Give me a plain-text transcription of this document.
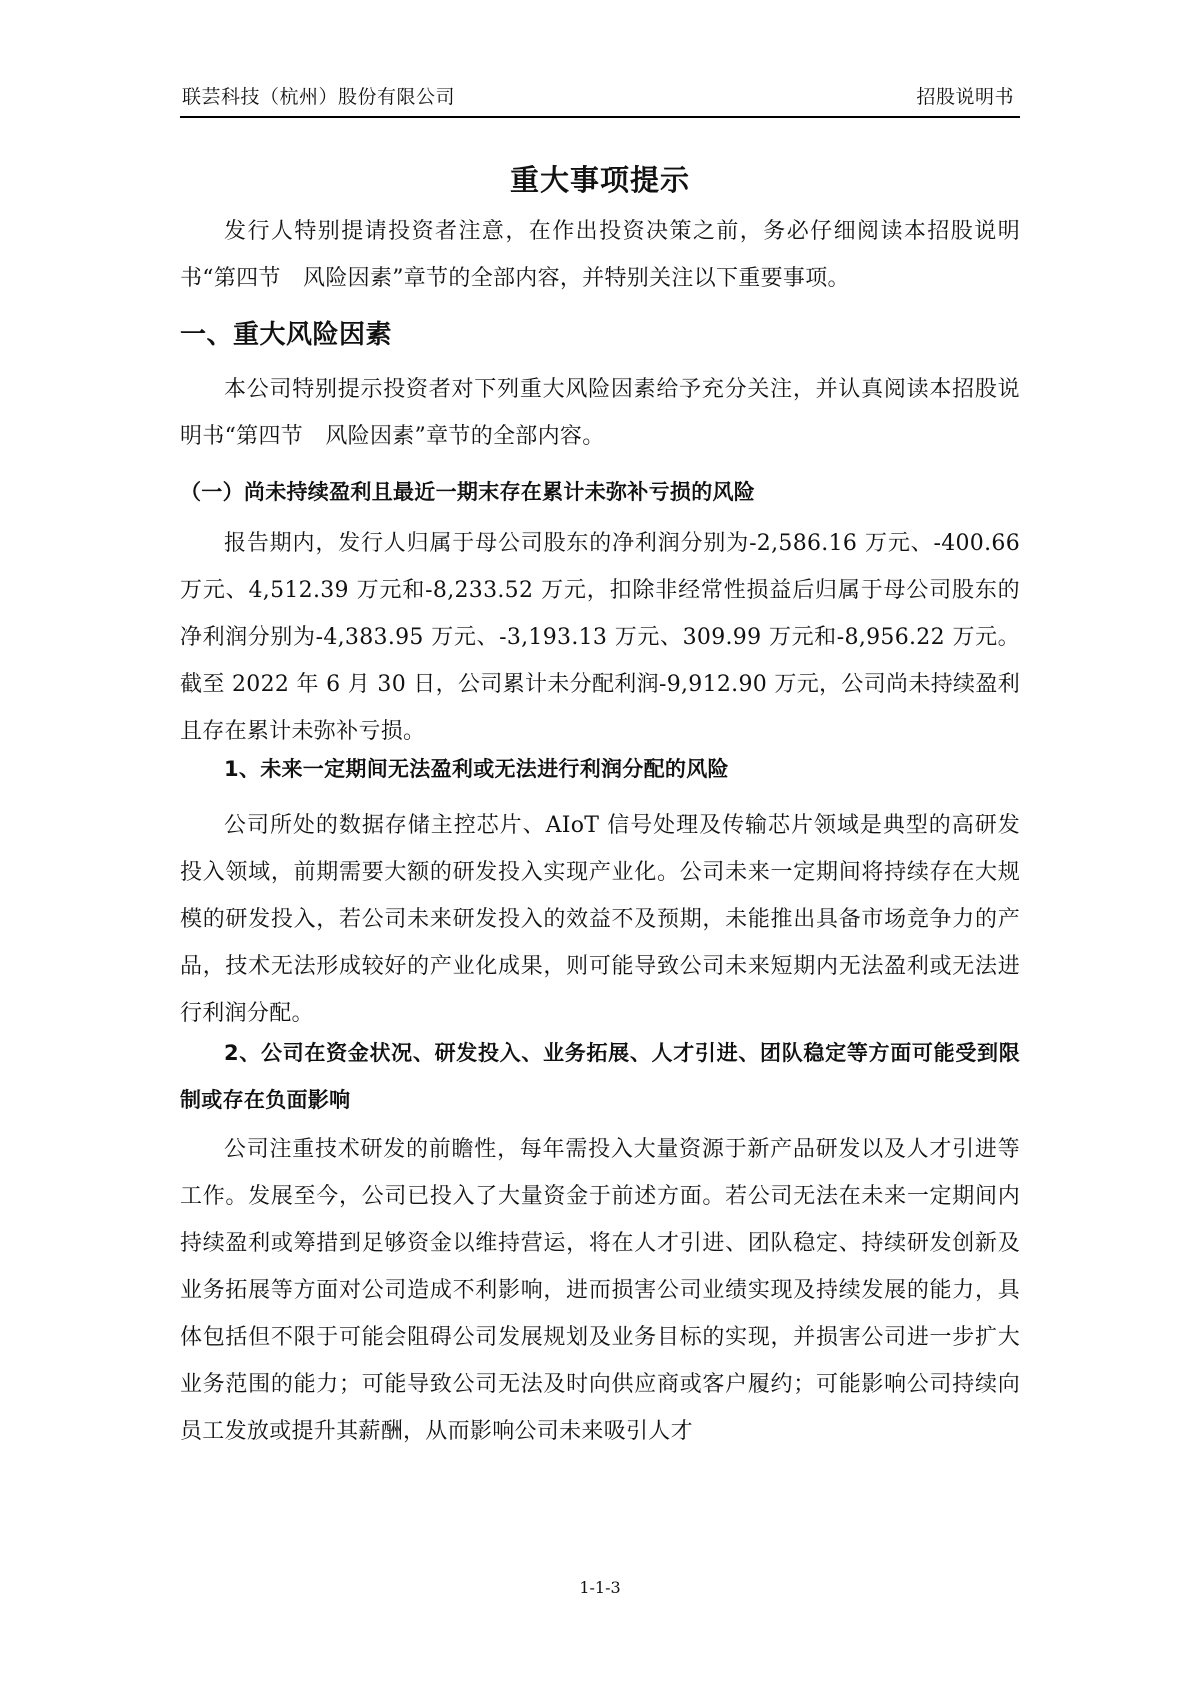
联芸科技（杭州）股份有限公司	招股说明书
重大事项提示

发行人特别提请投资者注意，在作出投资决策之前，务必仔细阅读本招股说明书“第四节　风险因素”章节的全部内容，并特别关注以下重要事项。

一、重大风险因素

本公司特别提示投资者对下列重大风险因素给予充分关注，并认真阅读本招股说明书“第四节　风险因素”章节的全部内容。

（一）尚未持续盈利且最近一期末存在累计未弥补亏损的风险

报告期内，发行人归属于母公司股东的净利润分别为-2,586.16 万元、-400.66 万元、4,512.39 万元和-8,233.52 万元，扣除非经常性损益后归属于母公司股东的净利润分别为-4,383.95 万元、-3,193.13 万元、309.99 万元和-8,956.22 万元。截至 2022 年 6 月 30 日，公司累计未分配利润-9,912.90 万元，公司尚未持续盈利且存在累计未弥补亏损。

1、未来一定期间无法盈利或无法进行利润分配的风险

公司所处的数据存储主控芯片、AIoT 信号处理及传输芯片领域是典型的高研发投入领域，前期需要大额的研发投入实现产业化。公司未来一定期间将持续存在大规模的研发投入，若公司未来研发投入的效益不及预期，未能推出具备市场竞争力的产品，技术无法形成较好的产业化成果，则可能导致公司未来短期内无法盈利或无法进行利润分配。

2、公司在资金状况、研发投入、业务拓展、人才引进、团队稳定等方面可能受到限制或存在负面影响

公司注重技术研发的前瞻性，每年需投入大量资源于新产品研发以及人才引进等工作。发展至今，公司已投入了大量资金于前述方面。若公司无法在未来一定期间内持续盈利或筹措到足够资金以维持营运，将在人才引进、团队稳定、持续研发创新及业务拓展等方面对公司造成不利影响，进而损害公司业绩实现及持续发展的能力，具体包括但不限于可能会阻碍公司发展规划及业务目标的实现，并损害公司进一步扩大业务范围的能力；可能导致公司无法及时向供应商或客户履约；可能影响公司持续向员工发放或提升其薪酬，从而影响公司未来吸引人才

1-1-3
